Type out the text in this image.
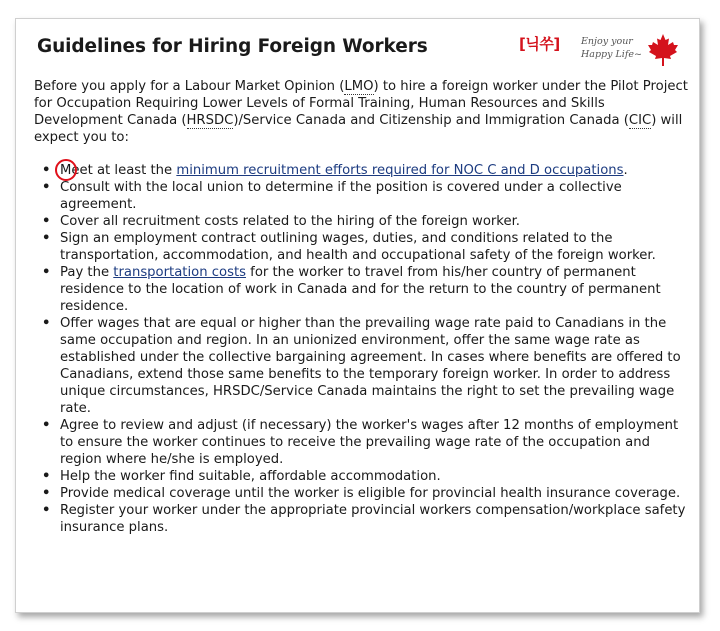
Guidelines for Hiring Foreign Workers	[닉쑤] Enjoy your
Happy Life~

Before you apply for a Labour Market Opinion (LMO) to hire a foreign worker under the Pilot Project for Occupation Requiring Lower Levels of Formal Training, Human Resources and Skills Development Canada (HRSDC)/Service Canada and Citizenship and Immigration Canada (CIC) will expect you to:

• Meet at least the minimum recruitment efforts required for NOC C and D occupations.
• Consult with the local union to determine if the position is covered under a collective agreement.
• Cover all recruitment costs related to the hiring of the foreign worker.
• Sign an employment contract outlining wages, duties, and conditions related to the transportation, accommodation, and health and occupational safety of the foreign worker.
• Pay the transportation costs for the worker to travel from his/her country of permanent residence to the location of work in Canada and for the return to the country of permanent residence.
• Offer wages that are equal or higher than the prevailing wage rate paid to Canadians in the same occupation and region. In an unionized environment, offer the same wage rate as established under the collective bargaining agreement. In cases where benefits are offered to Canadians, extend those same benefits to the temporary foreign worker. In order to address unique circumstances, HRSDC/Service Canada maintains the right to set the prevailing wage rate.
• Agree to review and adjust (if necessary) the worker's wages after 12 months of employment to ensure the worker continues to receive the prevailing wage rate of the occupation and region where he/she is employed.
• Help the worker find suitable, affordable accommodation.
• Provide medical coverage until the worker is eligible for provincial health insurance coverage.
• Register your worker under the appropriate provincial workers compensation/workplace safety insurance plans.
